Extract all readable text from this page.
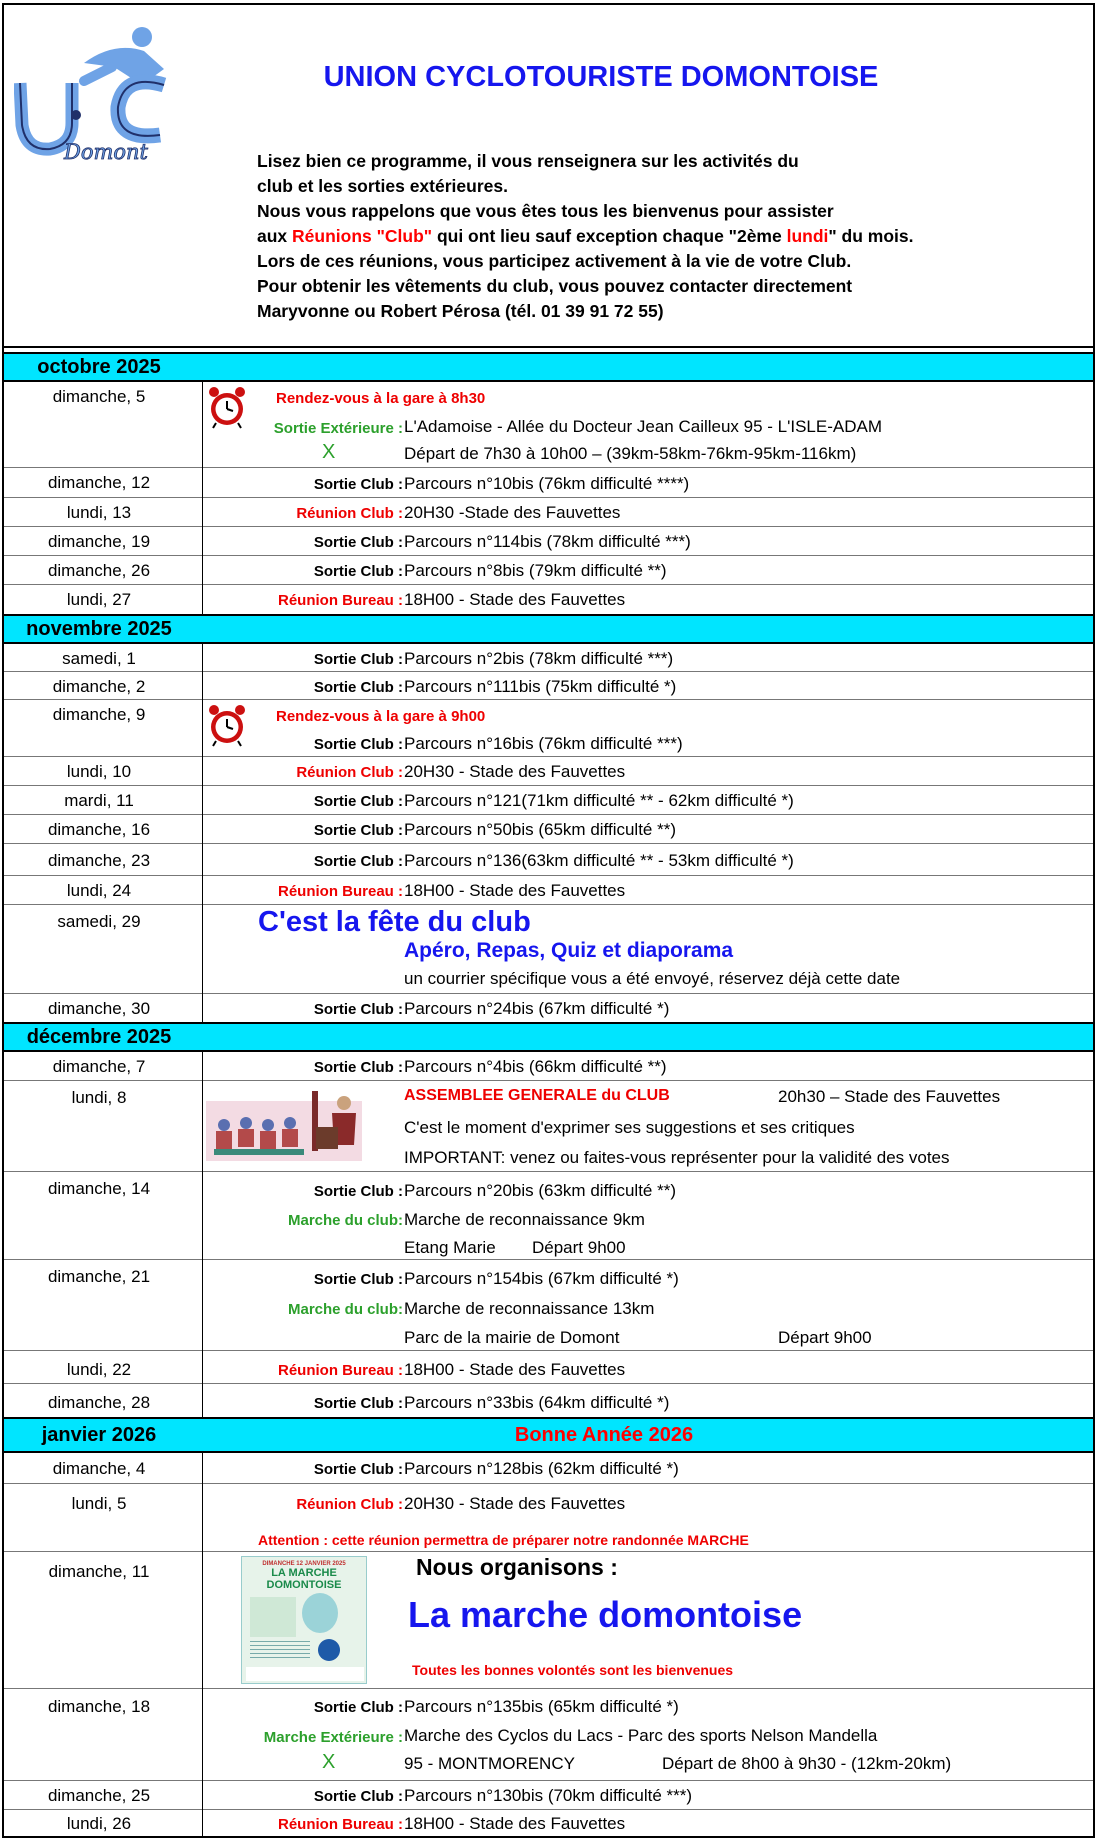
Domont
UNION CYCLOTOURISTE DOMONTOISE
Lisez bien ce programme, il vous renseignera sur les activités du
club et les sorties extérieures.
Nous vous rappelons que vous êtes tous les bienvenus pour assister
aux Réunions "Club" qui ont lieu sauf exception chaque "2ème lundi" du mois.
Lors de ces réunions, vous participez activement à la vie de votre Club.
Pour obtenir les vêtements du club, vous pouvez contacter directement
Maryvonne ou Robert Pérosa (tél. 01 39 91 72 55)
octobre 2025
dimanche, 5	Rendez-vous à la gare à 8h30
Sortie Extérieure : L'Adamoise - Allée du Docteur Jean Cailleux 95 - L'ISLE-ADAM
X	Départ de 7h30 à 10h00 – (39km-58km-76km-95km-116km)
dimanche, 12	Sortie Club : Parcours n°10bis (76km difficulté ****)
lundi, 13	Réunion Club : 20H30 -Stade des Fauvettes
dimanche, 19	Sortie Club : Parcours n°114bis (78km difficulté ***)
dimanche, 26	Sortie Club : Parcours n°8bis (79km difficulté **)
lundi, 27	Réunion Bureau : 18H00 - Stade des Fauvettes
novembre 2025
samedi, 1	Sortie Club : Parcours n°2bis (78km difficulté ***)
dimanche, 2	Sortie Club : Parcours n°111bis (75km difficulté *)
dimanche, 9	Rendez-vous à la gare à 9h00
Sortie Club : Parcours n°16bis (76km difficulté ***)
lundi, 10	Réunion Club : 20H30 - Stade des Fauvettes
mardi, 11	Sortie Club : Parcours n°121(71km difficulté ** - 62km difficulté *)
dimanche, 16	Sortie Club : Parcours n°50bis (65km difficulté **)
dimanche, 23	Sortie Club : Parcours n°136(63km difficulté ** - 53km difficulté *)
lundi, 24	Réunion Bureau : 18H00 - Stade des Fauvettes
samedi, 29	C'est la fête du club
Apéro, Repas, Quiz et diaporama
un courrier spécifique vous a été envoyé, réservez déjà cette date
dimanche, 30	Sortie Club : Parcours n°24bis (67km difficulté *)
décembre 2025
dimanche, 7	Sortie Club : Parcours n°4bis (66km difficulté **)
lundi, 8	ASSEMBLEE GENERALE du CLUB	20h30 – Stade des Fauvettes
C'est le moment d'exprimer ses suggestions et ses critiques
IMPORTANT: venez ou faites-vous représenter pour la validité des votes
dimanche, 14	Sortie Club : Parcours n°20bis (63km difficulté **)
Marche du club: Marche de reconnaissance 9km
Etang Marie Départ 9h00
dimanche, 21	Sortie Club : Parcours n°154bis (67km difficulté *)
Marche du club: Marche de reconnaissance 13km
Parc de la mairie de Domont	Départ 9h00
lundi, 22	Réunion Bureau : 18H00 - Stade des Fauvettes
dimanche, 28	Sortie Club : Parcours n°33bis (64km difficulté *)
janvier 2026	Bonne Année 2026
dimanche, 4	Sortie Club : Parcours n°128bis (62km difficulté *)
lundi, 5	Réunion Club : 20H30 - Stade des Fauvettes
Attention : cette réunion permettra de préparer notre randonnée MARCHE
dimanche, 11	DIMANCHE 12 JANVIER 2025
LA MARCHE DOMONTOISE
Nous organisons :
La marche domontoise
Toutes les bonnes volontés sont les bienvenues
dimanche, 18	Sortie Club : Parcours n°135bis (65km difficulté *)
Marche Extérieure : Marche des Cyclos du Lacs - Parc des sports Nelson Mandella
X	95 - MONTMORENCY	Départ de 8h00 à 9h30 - (12km-20km)
dimanche, 25	Sortie Club : Parcours n°130bis (70km difficulté ***)
lundi, 26	Réunion Bureau : 18H00 - Stade des Fauvettes
